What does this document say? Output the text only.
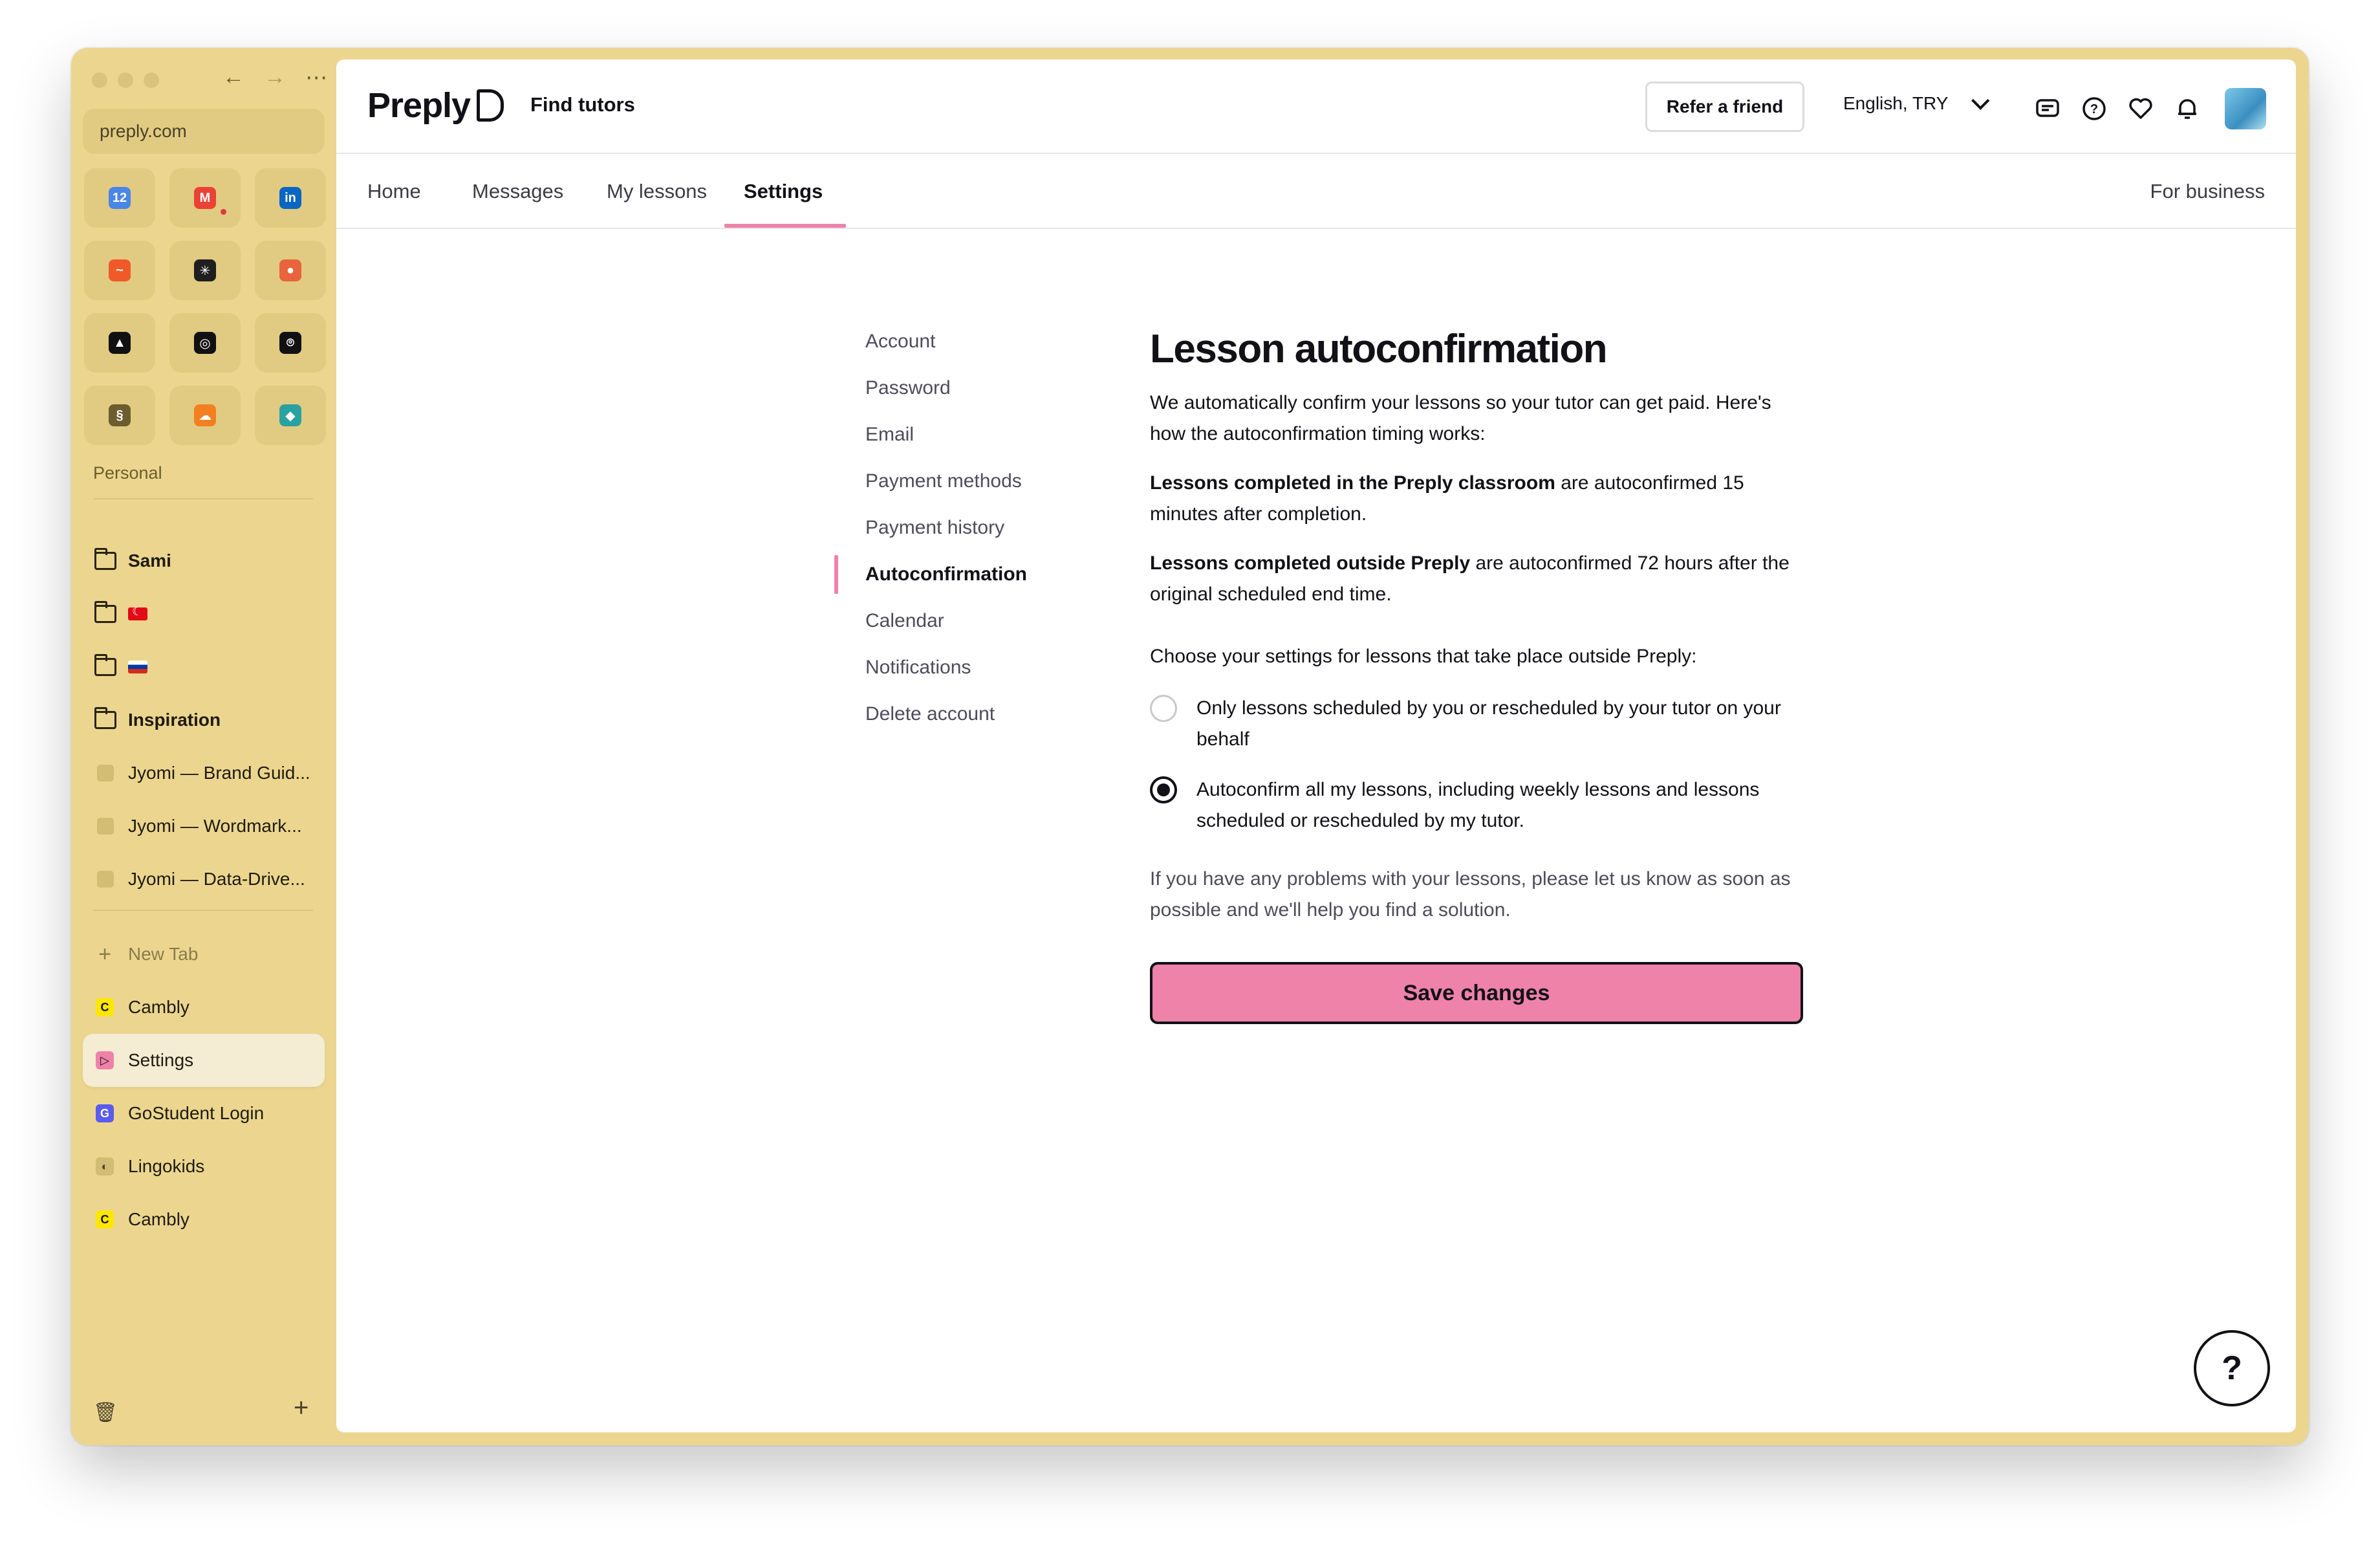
← → ⋯
preply.com
12	M	in
~	✳	●
▲	◎	⌾
§	☁	◆
Personal
Sami
☾
Inspiration
Jyomi — Brand Guid...
Jyomi — Wordmark...
Jyomi — Data-Drive...
+ New Tab
C Cambly
▷ Settings
G GoStudent Login
◐	Lingokids
C Cambly
🗑	+
Preply	Find tutors	Refer a friend	English, TRY	?
Home	Messages My lessons Settings	For business
Account
Password
Email
Payment methods
Payment history
Autoconfirmation
Calendar
Notifications
Delete account
Lesson autoconfirmation

We automatically confirm your lessons so your tutor can get paid. Here's how the autoconfirmation timing works:

Lessons completed in the Preply classroom are autoconfirmed 15 minutes after completion.

Lessons completed outside Preply are autoconfirmed 72 hours after the original scheduled end time.

Choose your settings for lessons that take place outside Preply:

Only lessons scheduled by you or rescheduled by your tutor on your behalf
Autoconfirm all my lessons, including weekly lessons and lessons scheduled or rescheduled by my tutor.

If you have any problems with your lessons, please let us know as soon as possible and we'll help you find a solution.

Save changes
?
